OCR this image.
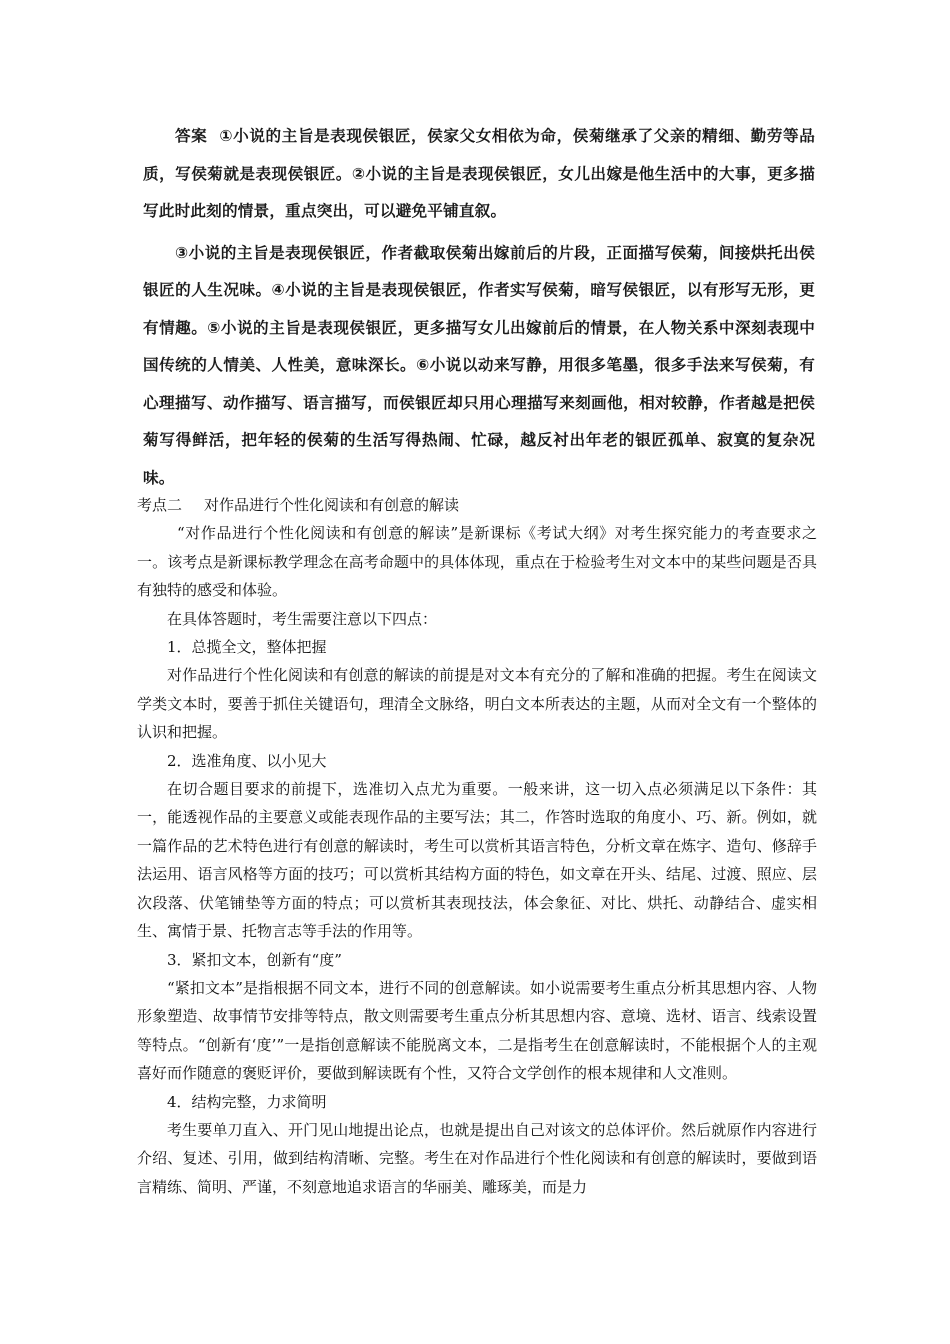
答案 ①小说的主旨是表现侯银匠，侯家父女相依为命，侯菊继承了父亲的精细、勤劳等品质，写侯菊就是表现侯银匠。②小说的主旨是表现侯银匠，女儿出嫁是他生活中的大事，更多描写此时此刻的情景，重点突出，可以避免平铺直叙。

③小说的主旨是表现侯银匠，作者截取侯菊出嫁前后的片段，正面描写侯菊，间接烘托出侯银匠的人生况味。④小说的主旨是表现侯银匠，作者实写侯菊，暗写侯银匠，以有形写无形，更有情趣。⑤小说的主旨是表现侯银匠，更多描写女儿出嫁前后的情景，在人物关系中深刻表现中国传统的人情美、人性美，意味深长。⑥小说以动来写静，用很多笔墨，很多手法来写侯菊，有心理描写、动作描写、语言描写，而侯银匠却只用心理描写来刻画他，相对较静，作者越是把侯菊写得鲜活，把年轻的侯菊的生活写得热闹、忙碌，越反衬出年老的银匠孤单、寂寞的复杂况味。

考点二 对作品进行个性化阅读和有创意的解读

“对作品进行个性化阅读和有创意的解读”是新课标《考试大纲》对考生探究能力的考查要求之一。该考点是新课标教学理念在高考命题中的具体体现，重点在于检验考生对文本中的某些问题是否具有独特的感受和体验。

在具体答题时，考生需要注意以下四点：

1．总揽全文，整体把握

对作品进行个性化阅读和有创意的解读的前提是对文本有充分的了解和准确的把握。考生在阅读文学类文本时，要善于抓住关键语句，理清全文脉络，明白文本所表达的主题，从而对全文有一个整体的认识和把握。

2．选准角度、以小见大

在切合题目要求的前提下，选准切入点尤为重要。一般来讲，这一切入点必须满足以下条件：其一，能透视作品的主要意义或能表现作品的主要写法；其二，作答时选取的角度小、巧、新。例如，就一篇作品的艺术特色进行有创意的解读时，考生可以赏析其语言特色，分析文章在炼字、造句、修辞手法运用、语言风格等方面的技巧；可以赏析其结构方面的特色，如文章在开头、结尾、过渡、照应、层次段落、伏笔铺垫等方面的特点；可以赏析其表现技法，体会象征、对比、烘托、动静结合、虚实相生、寓情于景、托物言志等手法的作用等。

3．紧扣文本，创新有“度”

“紧扣文本”是指根据不同文本，进行不同的创意解读。如小说需要考生重点分析其思想内容、人物形象塑造、故事情节安排等特点，散文则需要考生重点分析其思想内容、意境、选材、语言、线索设置等特点。“创新有‘度’”一是指创意解读不能脱离文本，二是指考生在创意解读时，不能根据个人的主观喜好而作随意的褒贬评价，要做到解读既有个性，又符合文学创作的根本规律和人文准则。

4．结构完整，力求简明

考生要单刀直入、开门见山地提出论点，也就是提出自己对该文的总体评价。然后就原作内容进行介绍、复述、引用，做到结构清晰、完整。考生在对作品进行个性化阅读和有创意的解读时，要做到语言精练、简明、严谨，不刻意地追求语言的华丽美、雕琢美，而是力
